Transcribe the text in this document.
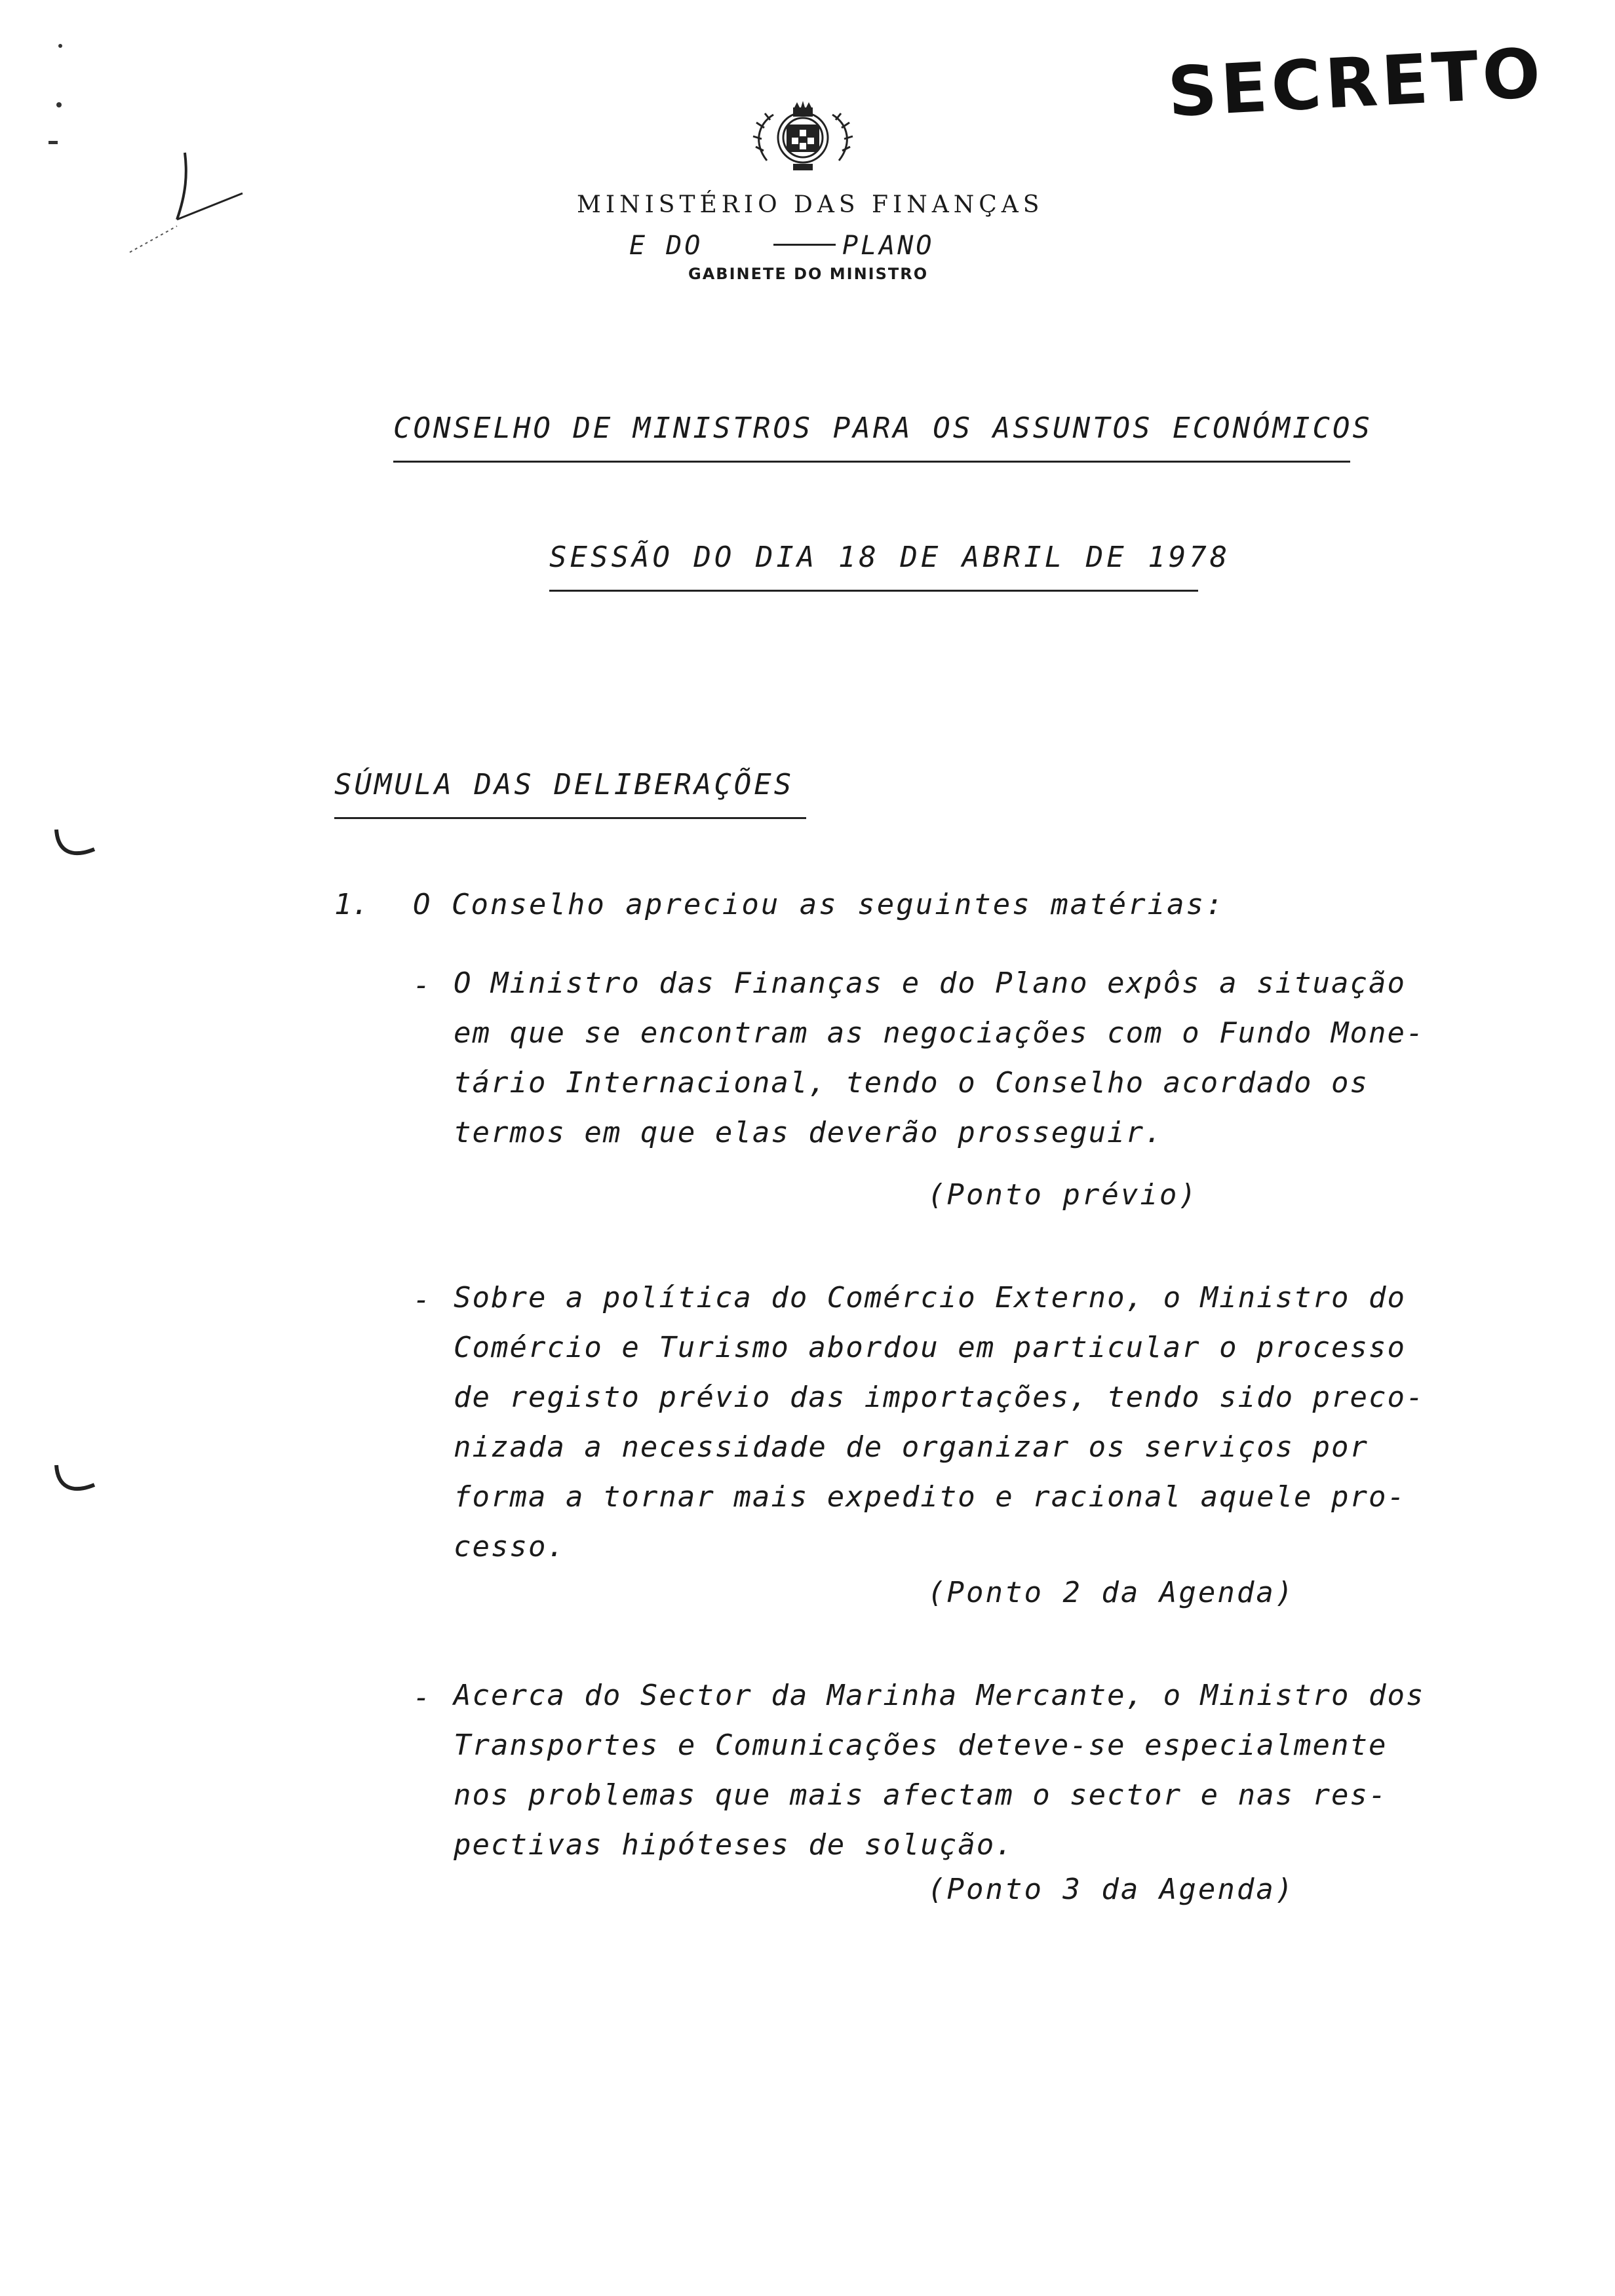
SECRETO
MINISTÉRIO DAS FINANÇAS
E DO	PLANO
GABINETE DO MINISTRO
CONSELHO DE MINISTROS PARA OS ASSUNTOS ECONÓMICOS
SESSÃO DO DIA 18 DE ABRIL DE 1978
SÚMULA DAS DELIBERAÇÕES
1. O Conselho apreciou as seguintes matérias:
- O Ministro das Finanças e do Plano expôs a situação
em que se encontram as negociações com o Fundo Mone-
tário Internacional, tendo o Conselho acordado os
termos em que elas deverão prosseguir.
(Ponto prévio)
- Sobre a política do Comércio Externo, o Ministro do
Comércio e Turismo abordou em particular o processo
de registo prévio das importações, tendo sido preco-
nizada a necessidade de organizar os serviços por
forma a tornar mais expedito e racional aquele pro-
cesso.
(Ponto 2 da Agenda)
- Acerca do Sector da Marinha Mercante, o Ministro dos
Transportes e Comunicações deteve-se especialmente
nos problemas que mais afectam o sector e nas res-
pectivas hipóteses de solução.
(Ponto 3 da Agenda)
